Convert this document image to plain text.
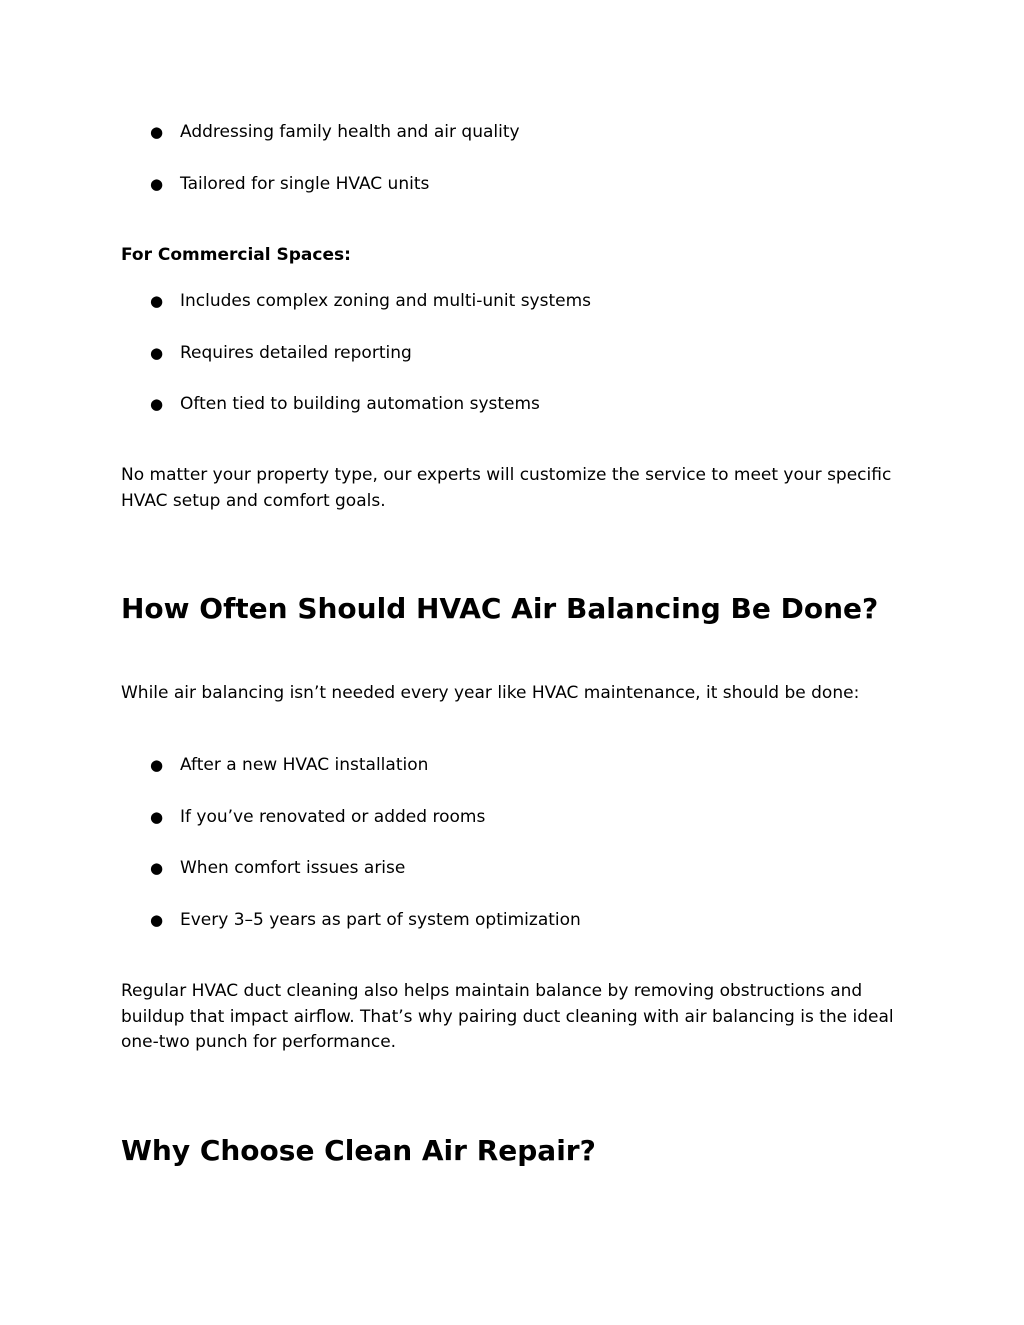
● Addressing family health and air quality
● Tailored for single HVAC units
For Commercial Spaces:
● Includes complex zoning and multi-unit systems
● Requires detailed reporting
● Often tied to building automation systems
No matter your property type, our experts will customize the service to meet your specific HVAC setup and comfort goals.
How Often Should HVAC Air Balancing Be Done?
While air balancing isn’t needed every year like HVAC maintenance, it should be done:
● After a new HVAC installation
● If you’ve renovated or added rooms
● When comfort issues arise
● Every 3–5 years as part of system optimization
Regular HVAC duct cleaning also helps maintain balance by removing obstructions and buildup that impact airflow. That’s why pairing duct cleaning with air balancing is the ideal one-two punch for performance.
Why Choose Clean Air Repair?
